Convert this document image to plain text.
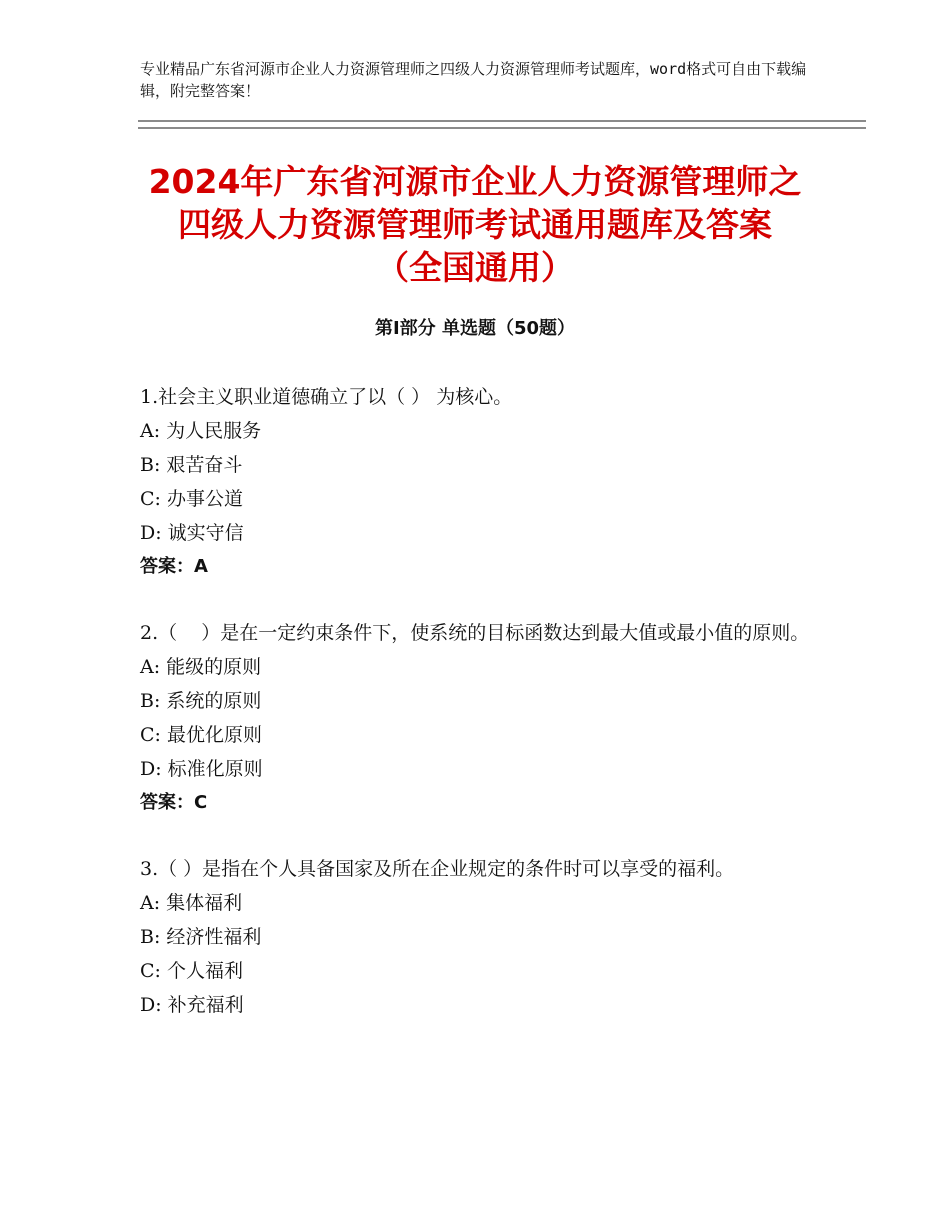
专业精品广东省河源市企业人力资源管理师之四级人力资源管理师考试题库，word格式可自由下载编辑，附完整答案！
2024年广东省河源市企业人力资源管理师之
四级人力资源管理师考试通用题库及答案
（全国通用）
第Ⅰ部分 单选题（50题）
1.社会主义职业道德确立了以（ ） 为核心。
A: 为人民服务
B: 艰苦奋斗
C: 办事公道
D: 诚实守信
答案：A
2.（    ）是在一定约束条件下，使系统的目标函数达到最大值或最小值的原则。
A: 能级的原则
B: 系统的原则
C: 最优化原则
D: 标准化原则
答案：C
3.（ ）是指在个人具备国家及所在企业规定的条件时可以享受的福利。
A: 集体福利
B: 经济性福利
C: 个人福利
D: 补充福利
